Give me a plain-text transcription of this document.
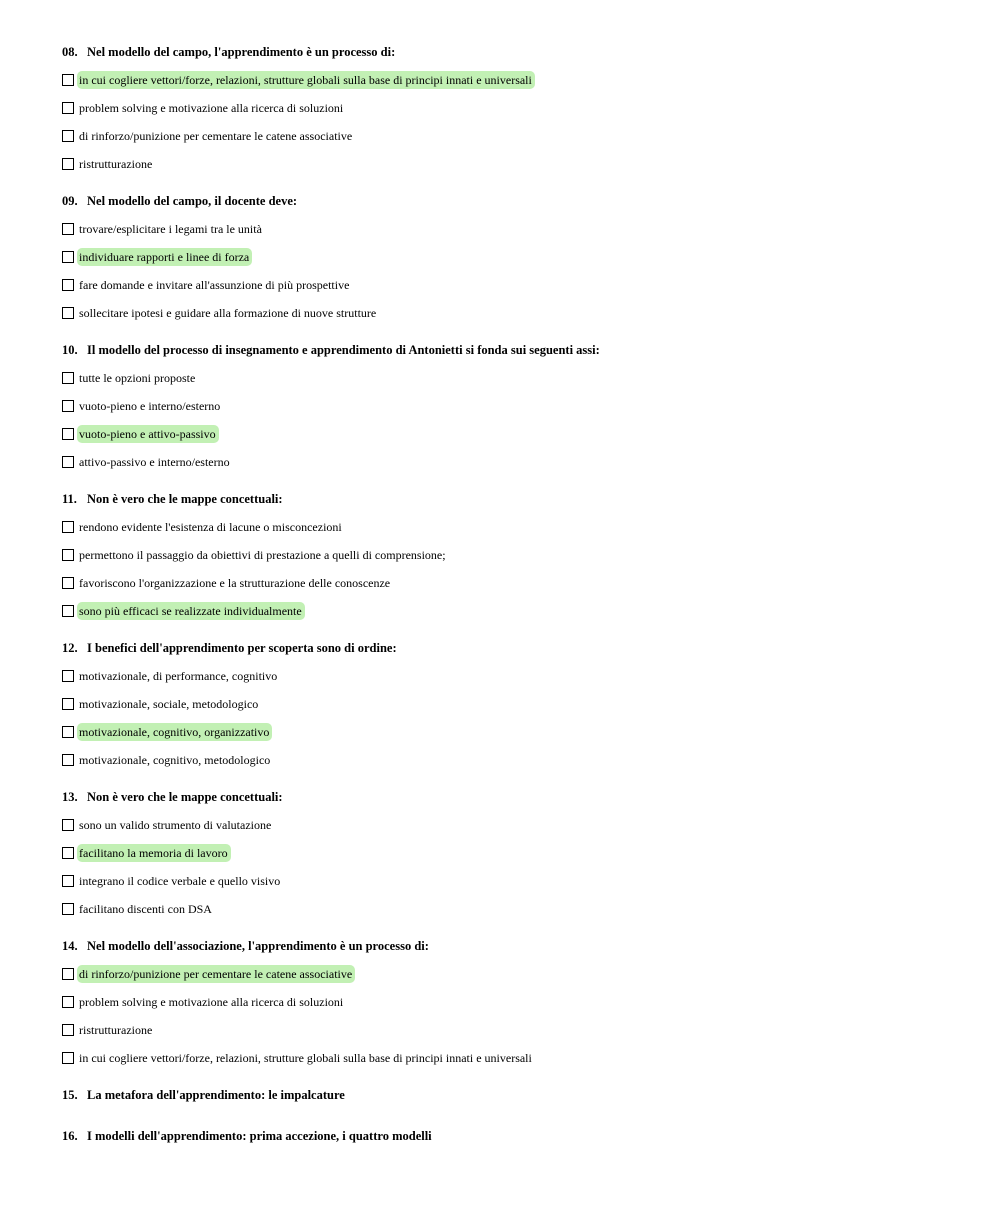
08. Nel modello del campo, l'apprendimento è un processo di:
in cui cogliere vettori/forze, relazioni, strutture globali sulla base di principi innati e universali
problem solving e motivazione alla ricerca di soluzioni
di rinforzo/punizione per cementare le catene associative
ristrutturazione
09. Nel modello del campo, il docente deve:
trovare/esplicitare i legami tra le unità
individuare rapporti e linee di forza
fare domande e invitare all'assunzione di più prospettive
sollecitare ipotesi e guidare alla formazione di nuove strutture
10. Il modello del processo di insegnamento e apprendimento di Antonietti si fonda sui seguenti assi:
tutte le opzioni proposte
vuoto-pieno e interno/esterno
vuoto-pieno e attivo-passivo
attivo-passivo e interno/esterno
11. Non è vero che le mappe concettuali:
rendono evidente l'esistenza di lacune o misconcezioni
permettono il passaggio da obiettivi di prestazione a quelli di comprensione;
favoriscono l'organizzazione e la strutturazione delle conoscenze
sono più efficaci se realizzate individualmente
12. I benefici dell'apprendimento per scoperta sono di ordine:
motivazionale, di performance, cognitivo
motivazionale, sociale, metodologico
motivazionale, cognitivo, organizzativo
motivazionale, cognitivo, metodologico
13. Non è vero che le mappe concettuali:
sono un valido strumento di valutazione
facilitano la memoria di lavoro
integrano il codice verbale e quello visivo
facilitano discenti con DSA
14. Nel modello dell'associazione, l'apprendimento è un processo di:
di rinforzo/punizione per cementare le catene associative
problem solving e motivazione alla ricerca di soluzioni
ristrutturazione
in cui cogliere vettori/forze, relazioni, strutture globali sulla base di principi innati e universali
15. La metafora dell'apprendimento: le impalcature
16. I modelli dell'apprendimento: prima accezione, i quattro modelli
